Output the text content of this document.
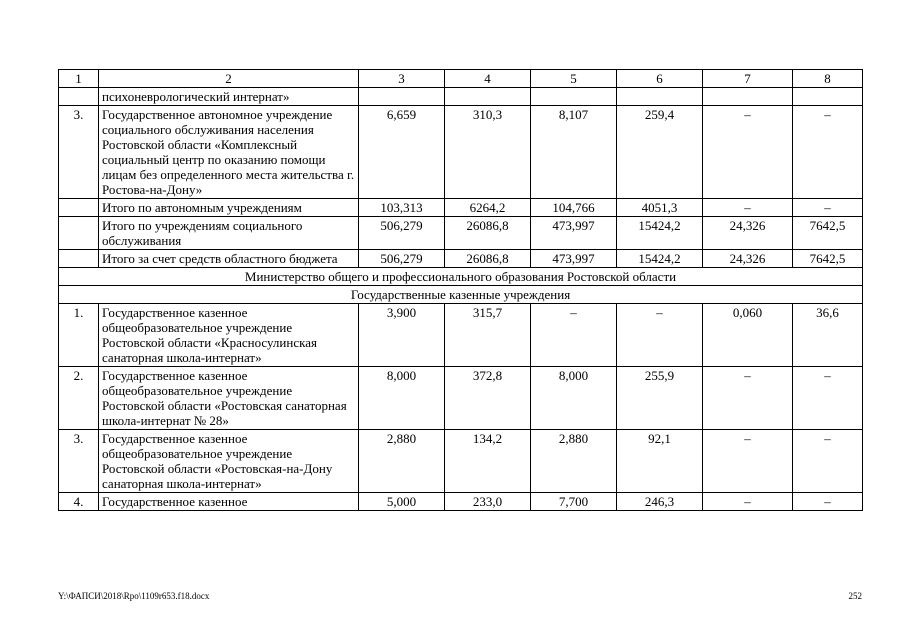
1	2	3	4	5	6	7	8
	психоневрологический интернат»						
3.	Государственное автономное учреждение социального обслуживания населения Ростовской области «Комплексный социальный центр по оказанию помощи лицам без определенного места жительства г. Ростова-на-Дону»	6,659	310,3	8,107	259,4	–	–
	Итого по автономным учреждениям	103,313	6264,2	104,766	4051,3	–	–
	Итого по учреждениям социального обслуживания	506,279	26086,8	473,997	15424,2	24,326	7642,5
	Итого за счет средств областного бюджета	506,279	26086,8	473,997	15424,2	24,326	7642,5
Министерство общего и профессионального образования Ростовской области							
Государственные казенные учреждения							
1.	Государственное казенное общеобразовательное учреждение Ростовской области «Красносулинская санаторная школа-интернат»	3,900	315,7	–	–	0,060	36,6
2.	Государственное казенное общеобразовательное учреждение Ростовской области «Ростовская санаторная школа-интернат № 28»	8,000	372,8	8,000	255,9	–	–
3.	Государственное казенное общеобразовательное учреждение Ростовской области «Ростовская-на-Дону санаторная школа-интернат»	2,880	134,2	2,880	92,1	–	–
4.	Государственное казенное	5,000	233,0	7,700	246,3	–	–
Y:\ФАПСИ\2018\Rpo\1109r653.f18.docx	252
